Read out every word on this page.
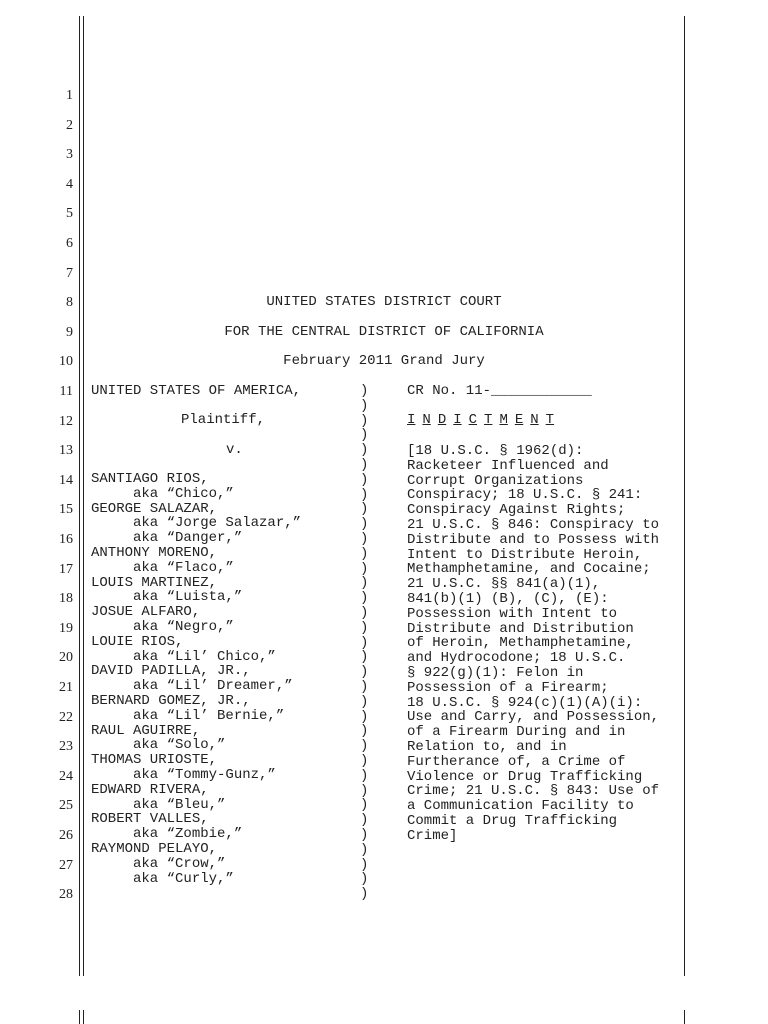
1
2
3
4
5
6
7
8
9
10
11
12
13
14
15
16
17
18
19
20
21
22
23
24
25
26
27
28
UNITED STATES DISTRICT COURT
FOR THE CENTRAL DISTRICT OF CALIFORNIA
February 2011 Grand Jury
UNITED STATES OF AMERICA,
Plaintiff,
v.
SANTIAGO RIOS,
aka “Chico,”
GEORGE SALAZAR,
aka “Jorge Salazar,”
aka “Danger,”
ANTHONY MORENO,
aka “Flaco,”
LOUIS MARTINEZ,
aka “Luista,”
JOSUE ALFARO,
aka “Negro,”
LOUIE RIOS,
aka “Lil’ Chico,”
DAVID PADILLA, JR.,
aka “Lil’ Dreamer,”
BERNARD GOMEZ, JR.,
aka “Lil’ Bernie,”
RAUL AGUIRRE,
aka “Solo,”
THOMAS URIOSTE,
aka “Tommy-Gunz,”
EDWARD RIVERA,
aka “Bleu,”
ROBERT VALLES,
aka “Zombie,”
RAYMOND PELAYO,
aka “Crow,”
aka “Curly,”
)
)
)
)
)
)
)
)
)
)
)
)
)
)
)
)
)
)
)
)
)
)
)
)
)
)
)
)
)
)
)
)
)
)
)
CR No. 11-____________
I N D I C T M E N T
[18 U.S.C. § 1962(d):
Racketeer Influenced and
Corrupt Organizations
Conspiracy; 18 U.S.C. § 241:
Conspiracy Against Rights;
21 U.S.C. § 846: Conspiracy to
Distribute and to Possess with
Intent to Distribute Heroin,
Methamphetamine, and Cocaine;
21 U.S.C. §§ 841(a)(1),
841(b)(1) (B), (C), (E):
Possession with Intent to
Distribute and Distribution
of Heroin, Methamphetamine,
and Hydrocodone; 18 U.S.C.
§ 922(g)(1): Felon in
Possession of a Firearm;
18 U.S.C. § 924(c)(1)(A)(i):
Use and Carry, and Possession,
of a Firearm During and in
Relation to, and in
Furtherance of, a Crime of
Violence or Drug Trafficking
Crime; 21 U.S.C. § 843: Use of
a Communication Facility to
Commit a Drug Trafficking
Crime]
